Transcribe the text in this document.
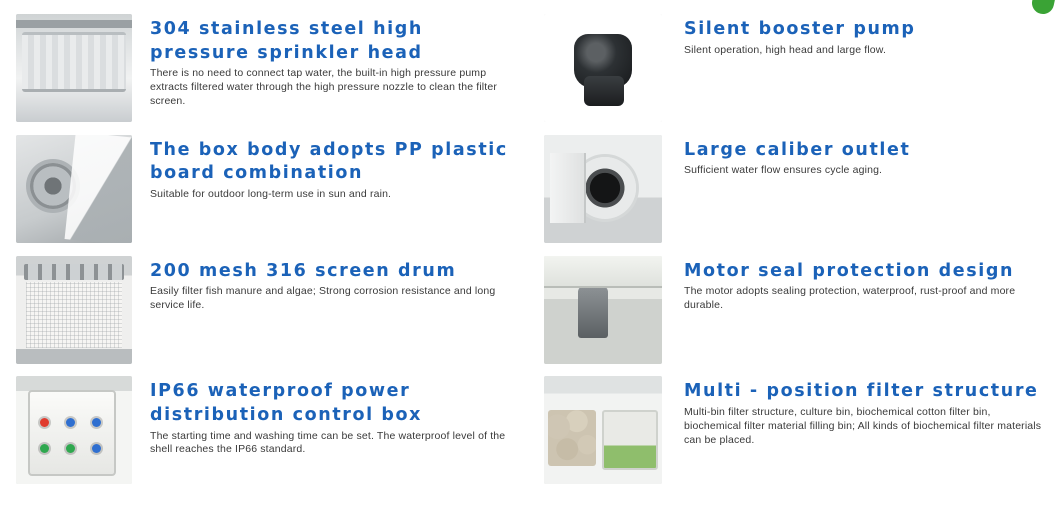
304 stainless steel high pressure sprinkler head

There is no need to connect tap water, the built-in high pressure pump extracts filtered water through the high pressure nozzle to clean the filter screen.

The box body adopts PP plastic board combination

Suitable for outdoor long-term use in sun and rain.

200 mesh 316 screen drum

Easily filter fish manure and algae; Strong corrosion resistance and long service life.

IP66 waterproof power distribution control box

The starting time and washing time can be set. The waterproof level of the shell reaches the IP66 standard.

Silent booster pump

Silent operation, high head and large flow.

Large caliber outlet

Sufficient water flow ensures cycle aging.

Motor seal protection design

The motor adopts sealing protection, waterproof, rust-proof and more durable.

Multi - position filter structure

Multi-bin filter structure, culture bin, biochemical cotton filter bin, biochemical filter material filling bin; All kinds of biochemical filter materials can be placed.
